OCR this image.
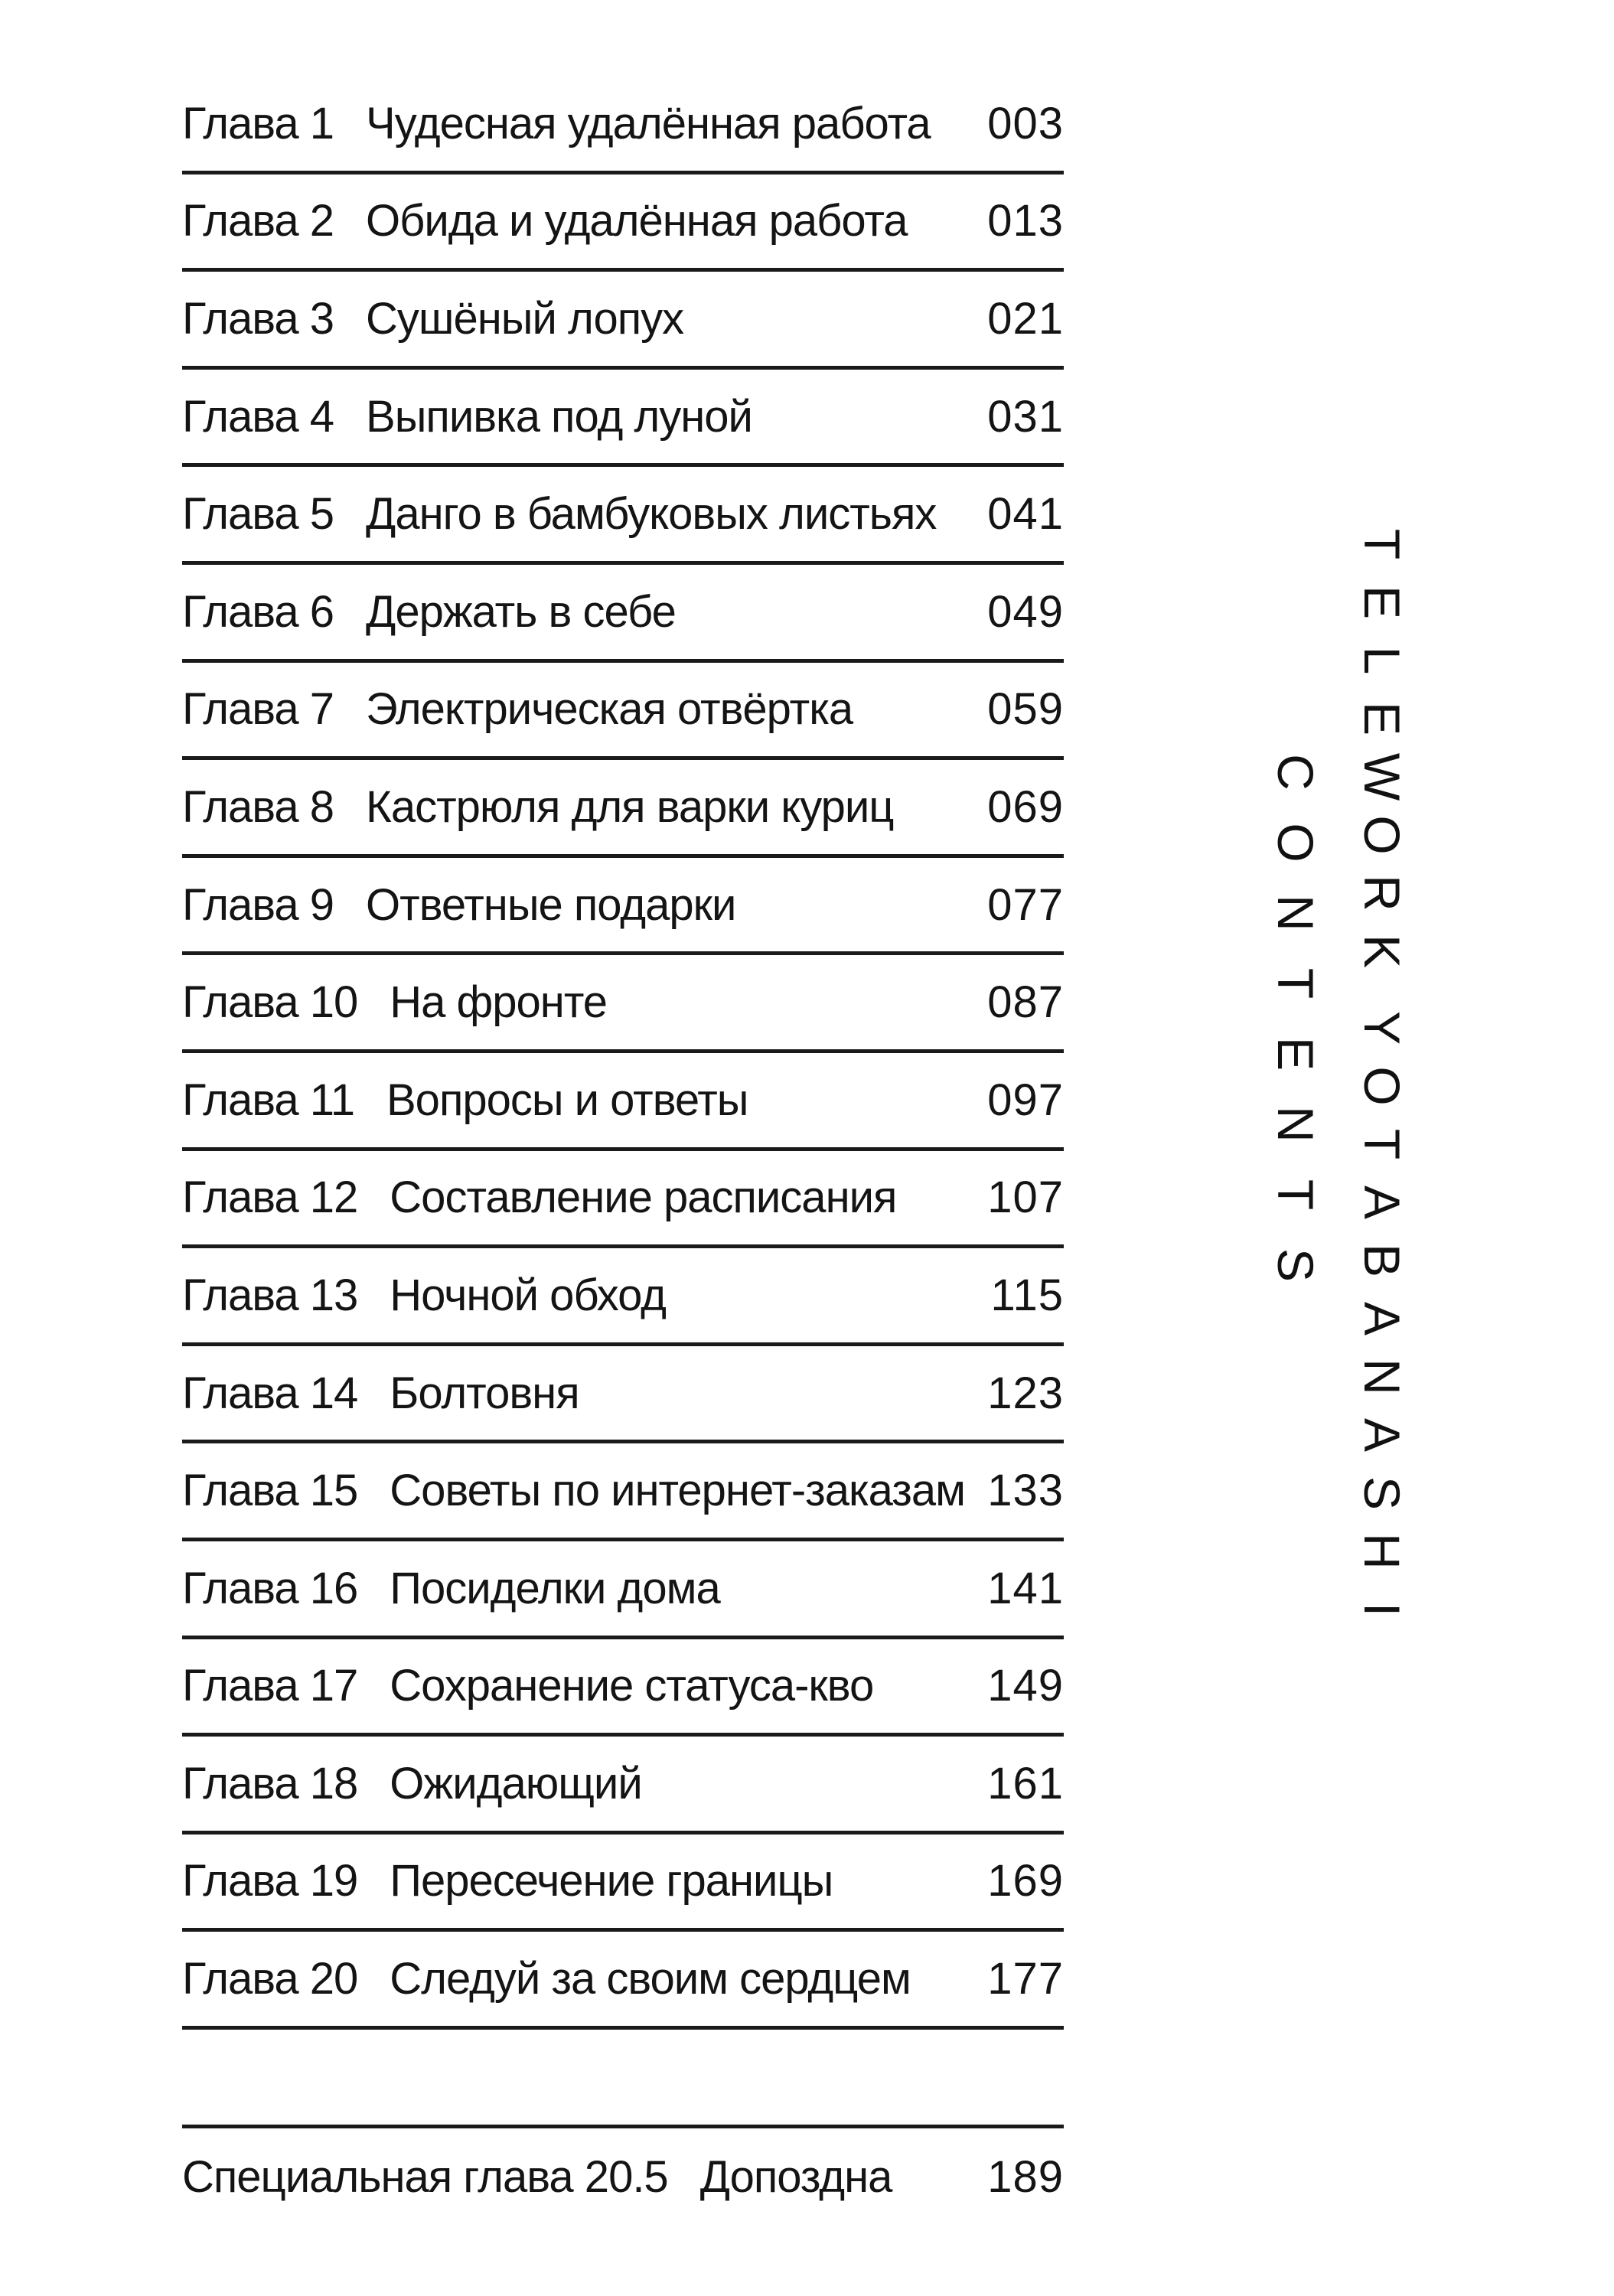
Глава 1 Чудесная удалённая работа	003
Глава 2 Обида и удалённая работа	013
Глава 3 Сушёный лопух	021
Глава 4 Выпивка под луной	031
Глава 5 Данго в бамбуковых листьях	041
Глава 6 Держать в себе	049
Глава 7 Электрическая отвёртка	059
Глава 8 Кастрюля для варки куриц	069
Глава 9 Ответные подарки	077
Глава 10 На фронте	087
Глава 11 Вопросы и ответы	097
Глава 12 Составление расписания	107
Глава 13 Ночной обход	115
Глава 14 Болтовня	123
Глава 15 Советы по интернет-заказам 133
Глава 16 Посиделки дома	141
Глава 17 Сохранение статуса-кво	149
Глава 18 Ожидающий	161
Глава 19 Пересечение границы	169
Глава 20 Следуй за своим сердцем	177
Специальная глава 20.5 Допоздна	189
T
E
L
E
W
O
R
K
Y
O
T
A
B
A
N
A
S
H
I
C
O
N
T
E
N
T
S
